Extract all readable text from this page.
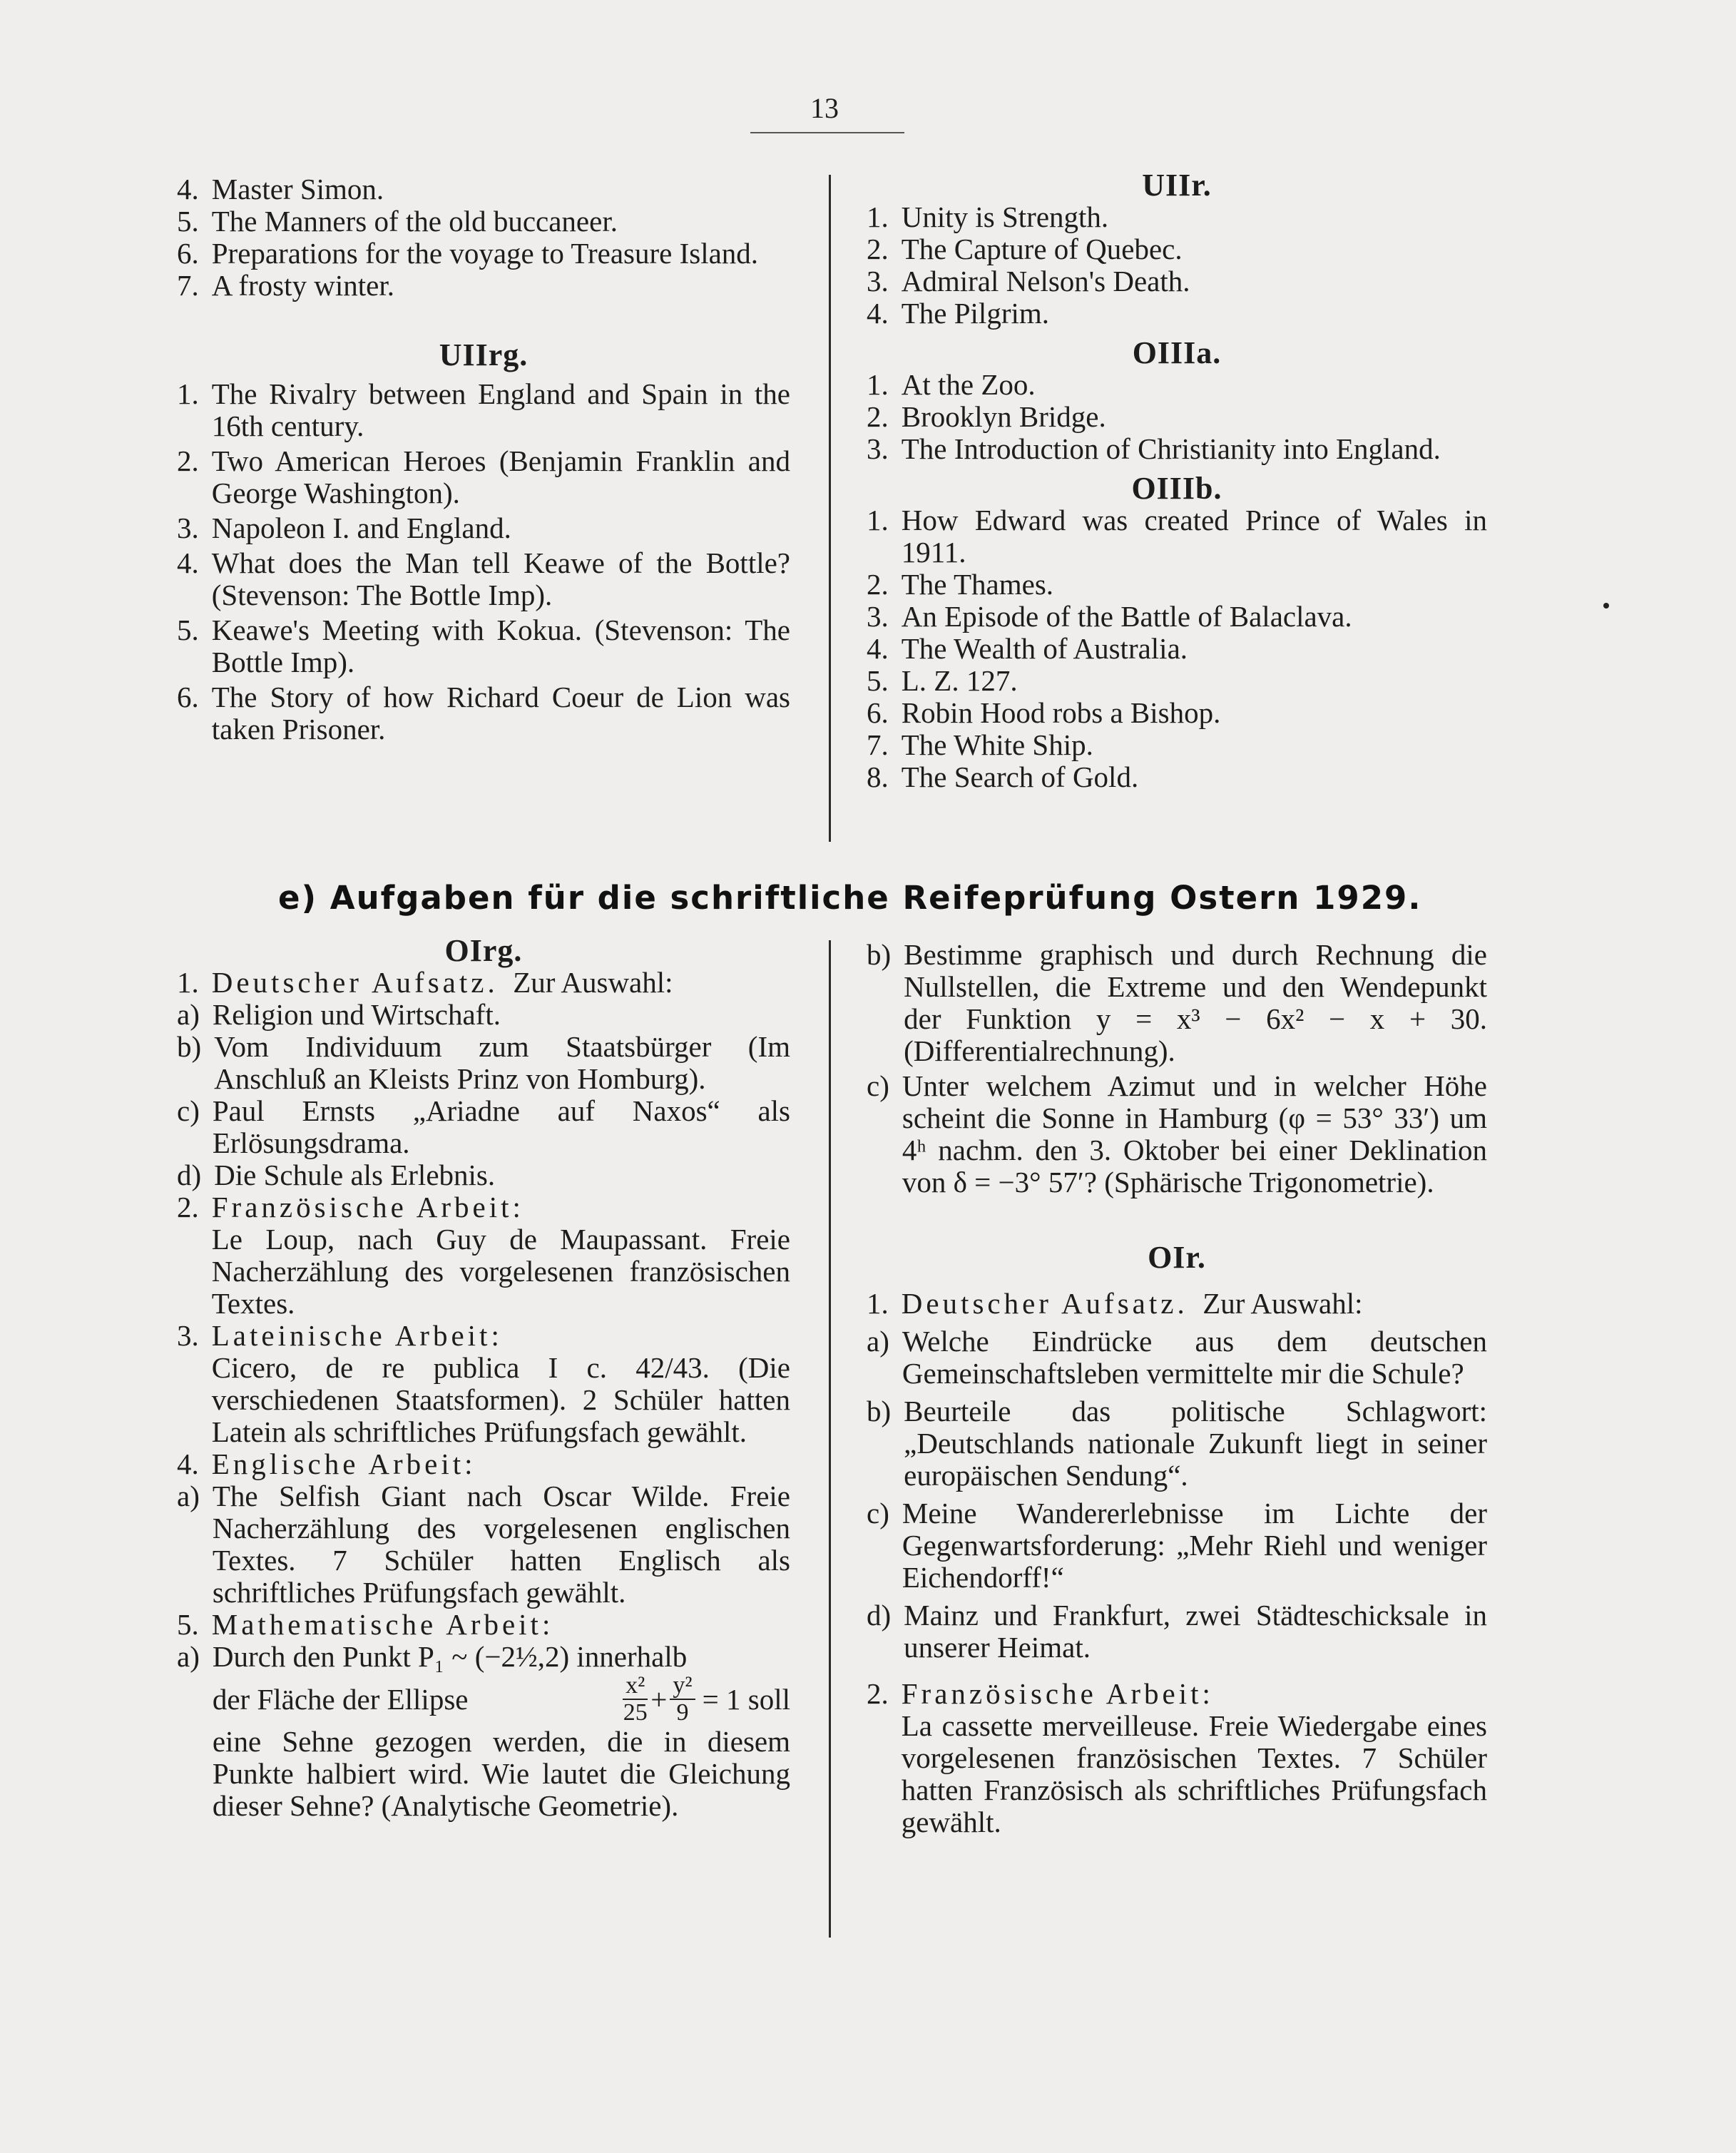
13
4. Master Simon.
5. The Manners of the old buccaneer.
6. Preparations for the voyage to Treasure Island.
7. A frosty winter.
UIIrg.
1. The Rivalry between England and Spain in the 16th century.
2. Two American Heroes (Benjamin Franklin and George Washington).
3. Napoleon I. and England.
4. What does the Man tell Keawe of the Bottle? (Stevenson: The Bottle Imp).
5. Keawe's Meeting with Kokua. (Stevenson: The Bottle Imp).
6. The Story of how Richard Coeur de Lion was taken Prisoner.
UIIr.
1. Unity is Strength.
2. The Capture of Quebec.
3. Admiral Nelson's Death.
4. The Pilgrim.
OIIIa.
1. At the Zoo.
2. Brooklyn Bridge.
3. The Introduction of Christianity into England.
OIIIb.
1. How Edward was created Prince of Wales in 1911.
2. The Thames.
3. An Episode of the Battle of Balaclava.
4. The Wealth of Australia.
5. L. Z. 127.
6. Robin Hood robs a Bishop.
7. The White Ship.
8. The Search of Gold.
e) Aufgaben für die schriftliche Reifeprüfung Ostern 1929.
OIrg.
1. Deutscher Aufsatz. Zur Auswahl:
a) Religion und Wirtschaft.
b) Vom Individuum zum Staatsbürger (Im Anschluß an Kleists Prinz von Homburg).
c) Paul Ernsts „Ariadne auf Naxos“ als Erlösungsdrama.
d) Die Schule als Erlebnis.
2. Französische Arbeit:
Le Loup, nach Guy de Maupassant. Freie Nacherzählung des vorgelesenen französischen Textes.
3. Lateinische Arbeit:
Cicero, de re publica I c. 42/43. (Die verschiedenen Staatsformen). 2 Schüler hatten Latein als schriftliches Prüfungsfach gewählt.
4. Englische Arbeit:
a) The Selfish Giant nach Oscar Wilde. Freie Nacherzählung des vorgelesenen englischen Textes. 7 Schüler hatten Englisch als schriftliches Prüfungsfach gewählt.
5. Mathematische Arbeit:
a) Durch den Punkt P₁ ~ (−2½,2) innerhalb

der Fläche der Ellipse	$\frac{\text{x²}}{25} + \frac{\text{y²}}{9} = 1$ soll

eine Sehne gezogen werden, die in diesem Punkte halbiert wird. Wie lautet die Gleichung dieser Sehne? (Analytische Geometrie).
b) Bestimme graphisch und durch Rechnung die Nullstellen, die Extreme und den Wendepunkt der Funktion y = x³ − 6x² − x + 30. (Differentialrechnung).
c) Unter welchem Azimut und in welcher Höhe scheint die Sonne in Hamburg (φ = 53° 33′) um 4ʰ nachm. den 3. Oktober bei einer Deklination von δ = −3° 57′? (Sphärische Trigonometrie).
OIr.
1. Deutscher Aufsatz. Zur Auswahl:
a) Welche Eindrücke aus dem deutschen Gemeinschaftsleben vermittelte mir die Schule?
b) Beurteile das politische Schlagwort: „Deutschlands nationale Zukunft liegt in seiner europäischen Sendung“.
c) Meine Wandererlebnisse im Lichte der Gegenwartsforderung: „Mehr Riehl und weniger Eichendorff!“
d) Mainz und Frankfurt, zwei Städteschicksale in unserer Heimat.
2. Französische Arbeit:
La cassette merveilleuse. Freie Wiedergabe eines vorgelesenen französischen Textes. 7 Schüler hatten Französisch als schriftliches Prüfungsfach gewählt.
